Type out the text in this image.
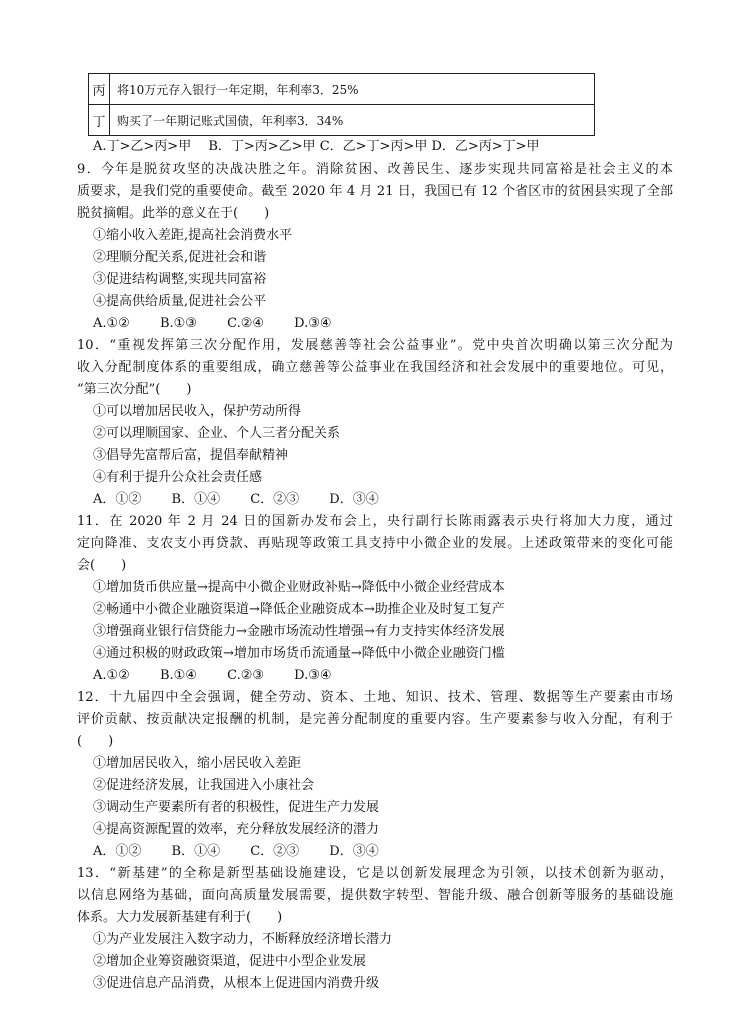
丙	将10万元存入银行一年定期，年利率3．25%
丁	购买了一年期记账式国债，年利率3．34%
A.丁>乙>丙>甲　 B．丁>丙>乙>甲 C．乙>丁>丙>甲 D．乙>丙>丁>甲
9．今年是脱贫攻坚的决战决胜之年。消除贫困、改善民生、逐步实现共同富裕是社会主义的本
质要求，是我们党的重要使命。截至 2020 年 4 月 21 日，我国已有 12 个省区市的贫困县实现了全部
脱贫摘帽。此举的意义在于(　　)
①缩小收入差距,提高社会消费水平
②理顺分配关系,促进社会和谐
③促进结构调整,实现共同富裕
④提高供给质量,促进社会公平
A.①②　　 B.①③　　 C.②④　　 D.③④
10．“重视发挥第三次分配作用，发展慈善等社会公益事业”。党中央首次明确以第三次分配为
收入分配制度体系的重要组成，确立慈善等公益事业在我国经济和社会发展中的重要地位。可见，
“第三次分配”(　　)
①可以增加居民收入，保护劳动所得
②可以理顺国家、企业、个人三者分配关系
③倡导先富帮后富，提倡奉献精神
④有利于提升公众社会责任感
A．①②　　 B．①④　　 C．②③　　 D．③④
11．在 2020 年 2 月 24 日的国新办发布会上，央行副行长陈雨露表示央行将加大力度，通过
定向降准、支农支小再贷款、再贴现等政策工具支持中小微企业的发展。上述政策带来的变化可能
会(　　)
①增加货币供应量→提高中小微企业财政补贴→降低中小微企业经营成本
②畅通中小微企业融资渠道→降低企业融资成本→助推企业及时复工复产
③增强商业银行信贷能力→金融市场流动性增强→有力支持实体经济发展
④通过积极的财政政策→增加市场货币流通量→降低中小微企业融资门槛
A.①②　　 B.①④　　 C.②③　　 D.③④
12．十九届四中全会强调，健全劳动、资本、土地、知识、技术、管理、数据等生产要素由市场
评价贡献、按贡献决定报酬的机制，是完善分配制度的重要内容。生产要素参与收入分配，有利于
(　　)
①增加居民收入，缩小居民收入差距
②促进经济发展，让我国进入小康社会
③调动生产要素所有者的积极性，促进生产力发展
④提高资源配置的效率，充分释放发展经济的潜力
A．①②　　 B．①④　　 C．②③　　 D．③④
13．“新基建”的全称是新型基础设施建设，它是以创新发展理念为引领，以技术创新为驱动，
以信息网络为基础，面向高质量发展需要，提供数字转型、智能升级、融合创新等服务的基础设施
体系。大力发展新基建有利于(　　)
①为产业发展注入数字动力，不断释放经济增长潜力
②增加企业筹资融资渠道，促进中小型企业发展
③促进信息产品消费，从根本上促进国内消费升级
